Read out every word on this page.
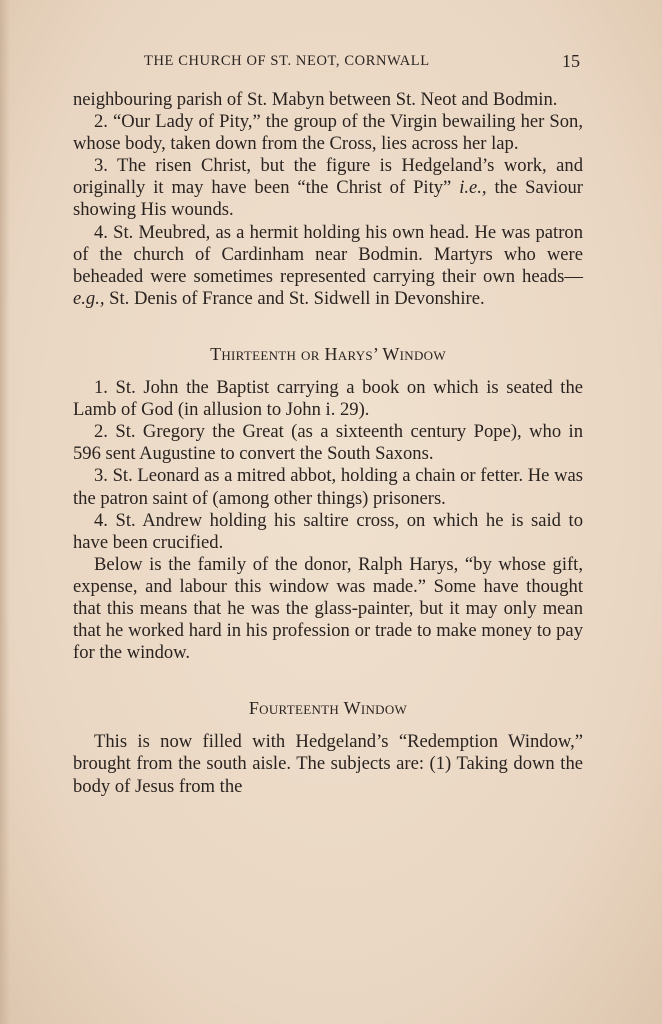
THE CHURCH OF ST. NEOT, CORNWALL	15

neighbouring parish of St. Mabyn between St. Neot and Bodmin.

2. “Our Lady of Pity,” the group of the Virgin bewailing her Son, whose body, taken down from the Cross, lies across her lap.

3. The risen Christ, but the figure is Hedgeland’s work, and originally it may have been “the Christ of Pity” i.e., the Saviour showing His wounds.

4. St. Meubred, as a hermit holding his own head. He was patron of the church of Cardinham near Bodmin. Martyrs who were beheaded were sometimes represented carrying their own heads—e.g., St. Denis of France and St. Sidwell in Devonshire.

Thirteenth or Harys’ Window

1. St. John the Baptist carrying a book on which is seated the Lamb of God (in allusion to John i. 29).

2. St. Gregory the Great (as a sixteenth century Pope), who in 596 sent Augustine to convert the South Saxons.

3. St. Leonard as a mitred abbot, holding a chain or fetter. He was the patron saint of (among other things) prisoners.

4. St. Andrew holding his saltire cross, on which he is said to have been crucified.

Below is the family of the donor, Ralph Harys, “by whose gift, expense, and labour this window was made.” Some have thought that this means that he was the glass-painter, but it may only mean that he worked hard in his profession or trade to make money to pay for the window.

Fourteenth Window

This is now filled with Hedgeland’s “Redemption Window,” brought from the south aisle. The subjects are: (1) Taking down the body of Jesus from the
